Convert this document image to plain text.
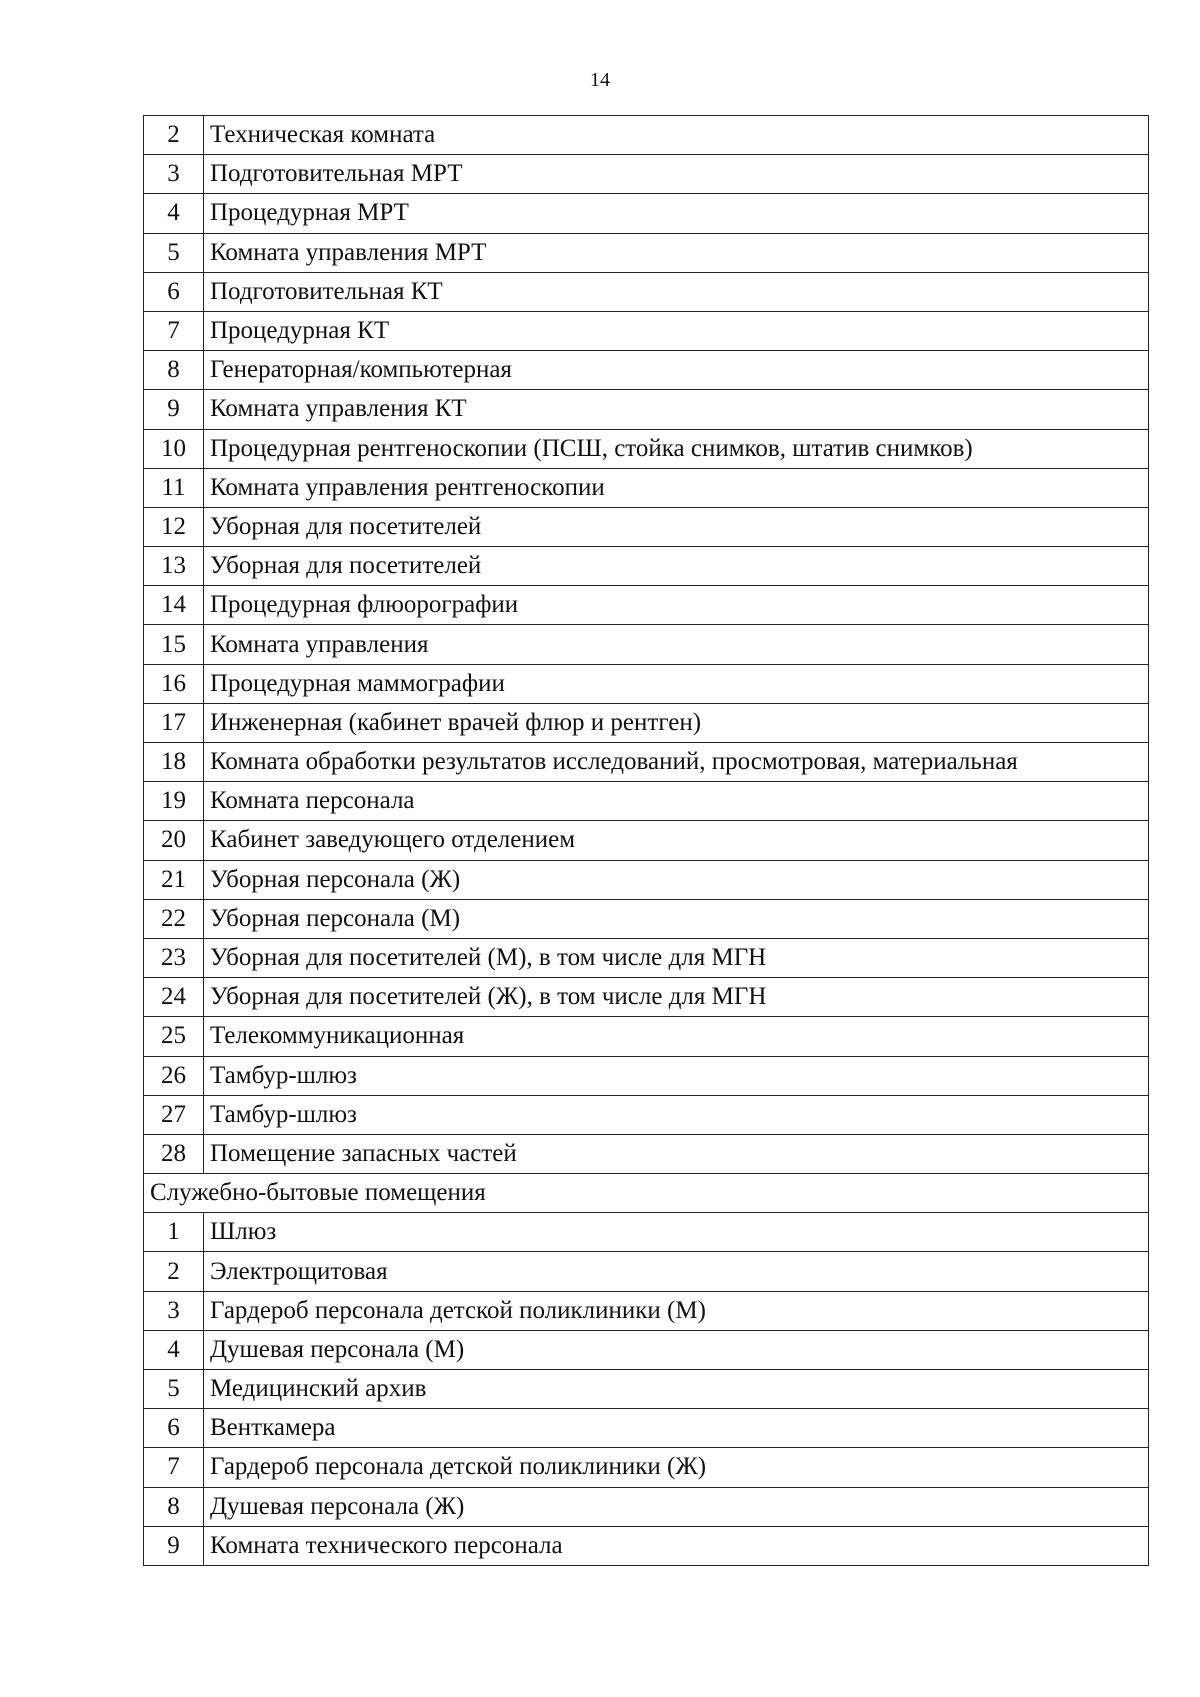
14
2	Техническая комната
3	Подготовительная МРТ
4	Процедурная МРТ
5	Комната управления МРТ
6	Подготовительная КТ
7	Процедурная КТ
8	Генераторная/компьютерная
9	Комната управления КТ
10	Процедурная рентгеноскопии (ПСШ, стойка снимков, штатив снимков)
11	Комната управления рентгеноскопии
12	Уборная для посетителей
13	Уборная для посетителей
14	Процедурная флюорографии
15	Комната управления
16	Процедурная маммографии
17	Инженерная (кабинет врачей флюр и рентген)
18	Комната обработки результатов исследований, просмотровая, материальная
19	Комната персонала
20	Кабинет заведующего отделением
21	Уборная персонала (Ж)
22	Уборная персонала (М)
23	Уборная для посетителей (М), в том числе для МГН
24	Уборная для посетителей (Ж), в том числе для МГН
25	Телекоммуникационная
26	Тамбур-шлюз
27	Тамбур-шлюз
28	Помещение запасных частей
Служебно-бытовые помещения	
1	Шлюз
2	Электрощитовая
3	Гардероб персонала детской поликлиники (М)
4	Душевая персонала (М)
5	Медицинский архив
6	Венткамера
7	Гардероб персонала детской поликлиники (Ж)
8	Душевая персонала (Ж)
9	Комната технического персонала
